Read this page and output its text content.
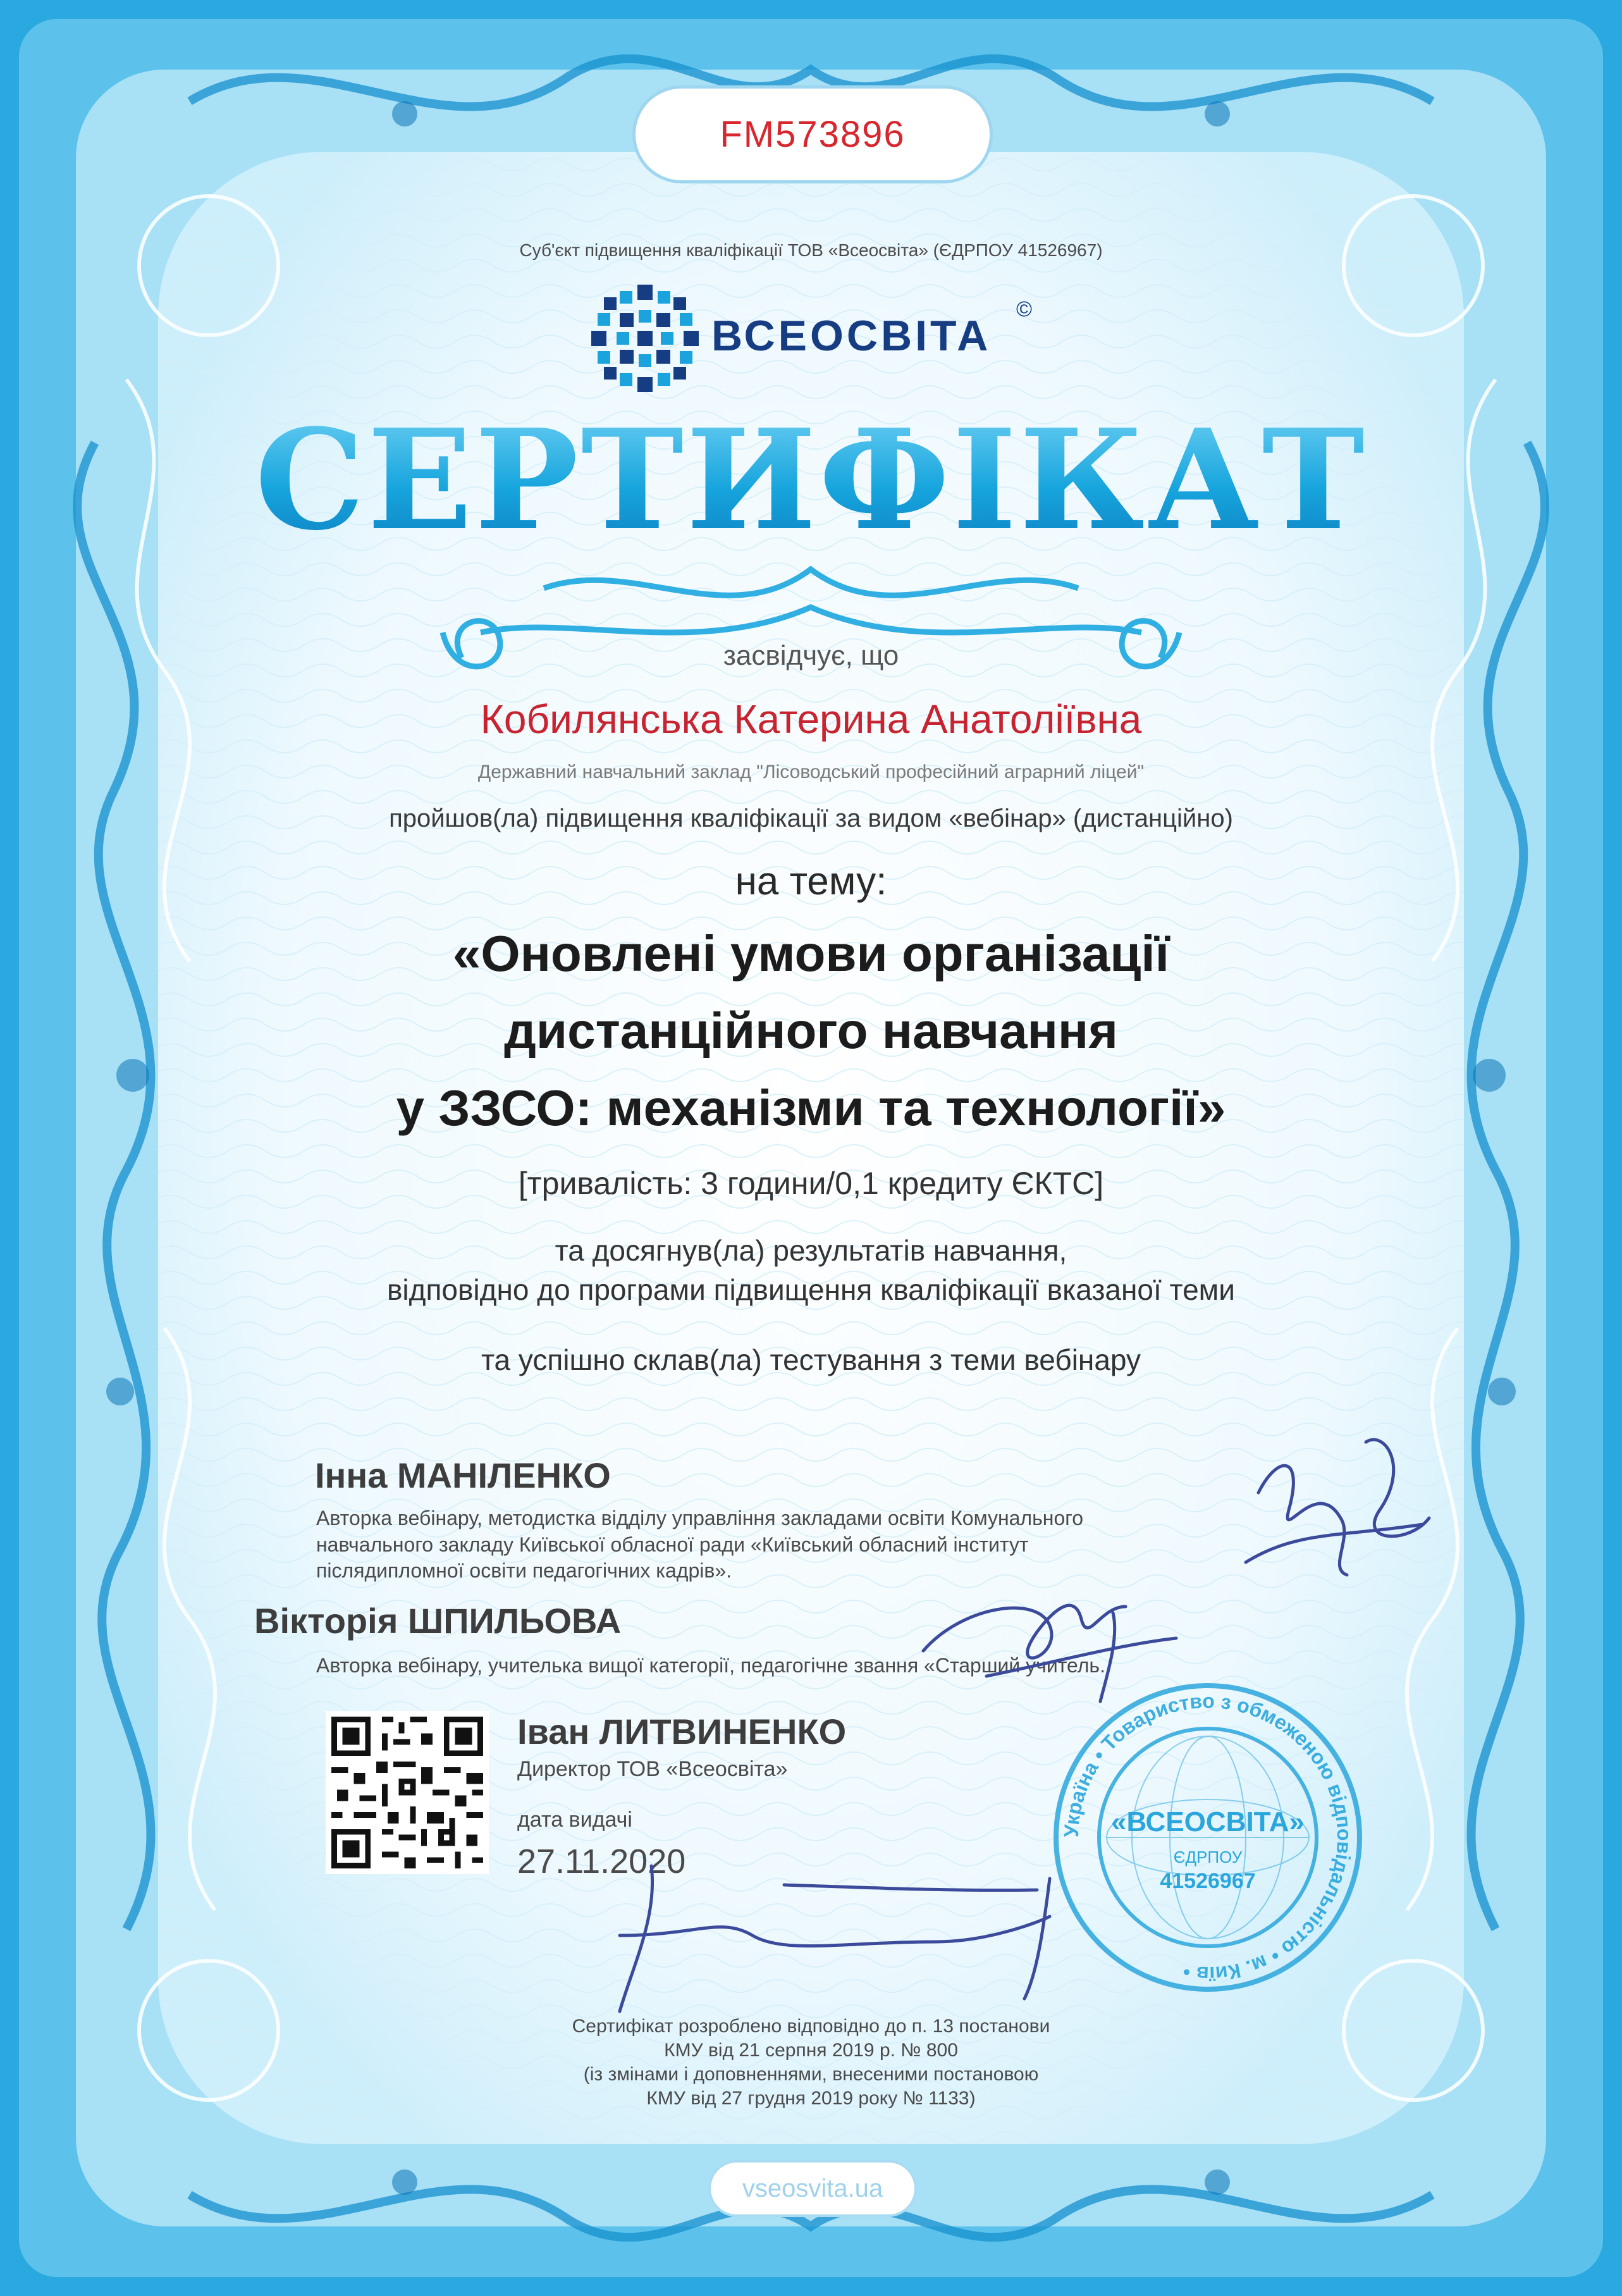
FM573896
Суб'єкт підвищення кваліфікації ТОВ «Всеосвіта» (ЄДРПОУ 41526967)
ВСЕОСВІТА
©
СЕРТИФІКАТ
засвідчує, що
Кобилянська Катерина Анатоліївна
Державний навчальний заклад "Лісоводський професійний аграрний ліцей"
пройшов(ла) підвищення кваліфікації за видом «вебінар» (дистанційно)
на тему:
«Оновлені умови організації
дистанційного навчання
у ЗЗСО: механізми та технології»
[тривалість: 3 години/0,1 кредиту ЄКТС]
та досягнув(ла) результатів навчання,
відповідно до програми підвищення кваліфікації вказаної теми
та успішно склав(ла) тестування з теми вебінару
Інна МАНІЛЕНКО
Авторка вебінару, методистка відділу управління закладами освіти Комунального
навчального закладу Київської обласної ради «Київський обласний інститут
післядипломної освіти педагогічних кадрів».
Вікторія ШПИЛЬОВА
Авторка вебінару, учителька вищої категорії, педагогічне звання «Старший учитель.
Іван ЛИТВИНЕНКО
Директор ТОВ «Всеосвіта»
дата видачі
27.11.2020
Україна • Товариство з обмеженою відповідальністю • м. Київ •
«ВСЕОСВІТА»
ЄДРПОУ
41526967
Сертифікат розроблено відповідно до п. 13 постанови
КМУ від 21 серпня 2019 р. № 800
(із змінами і доповненнями, внесеними постановою
КМУ від 27 грудня 2019 року № 1133)
vseosvita.ua
